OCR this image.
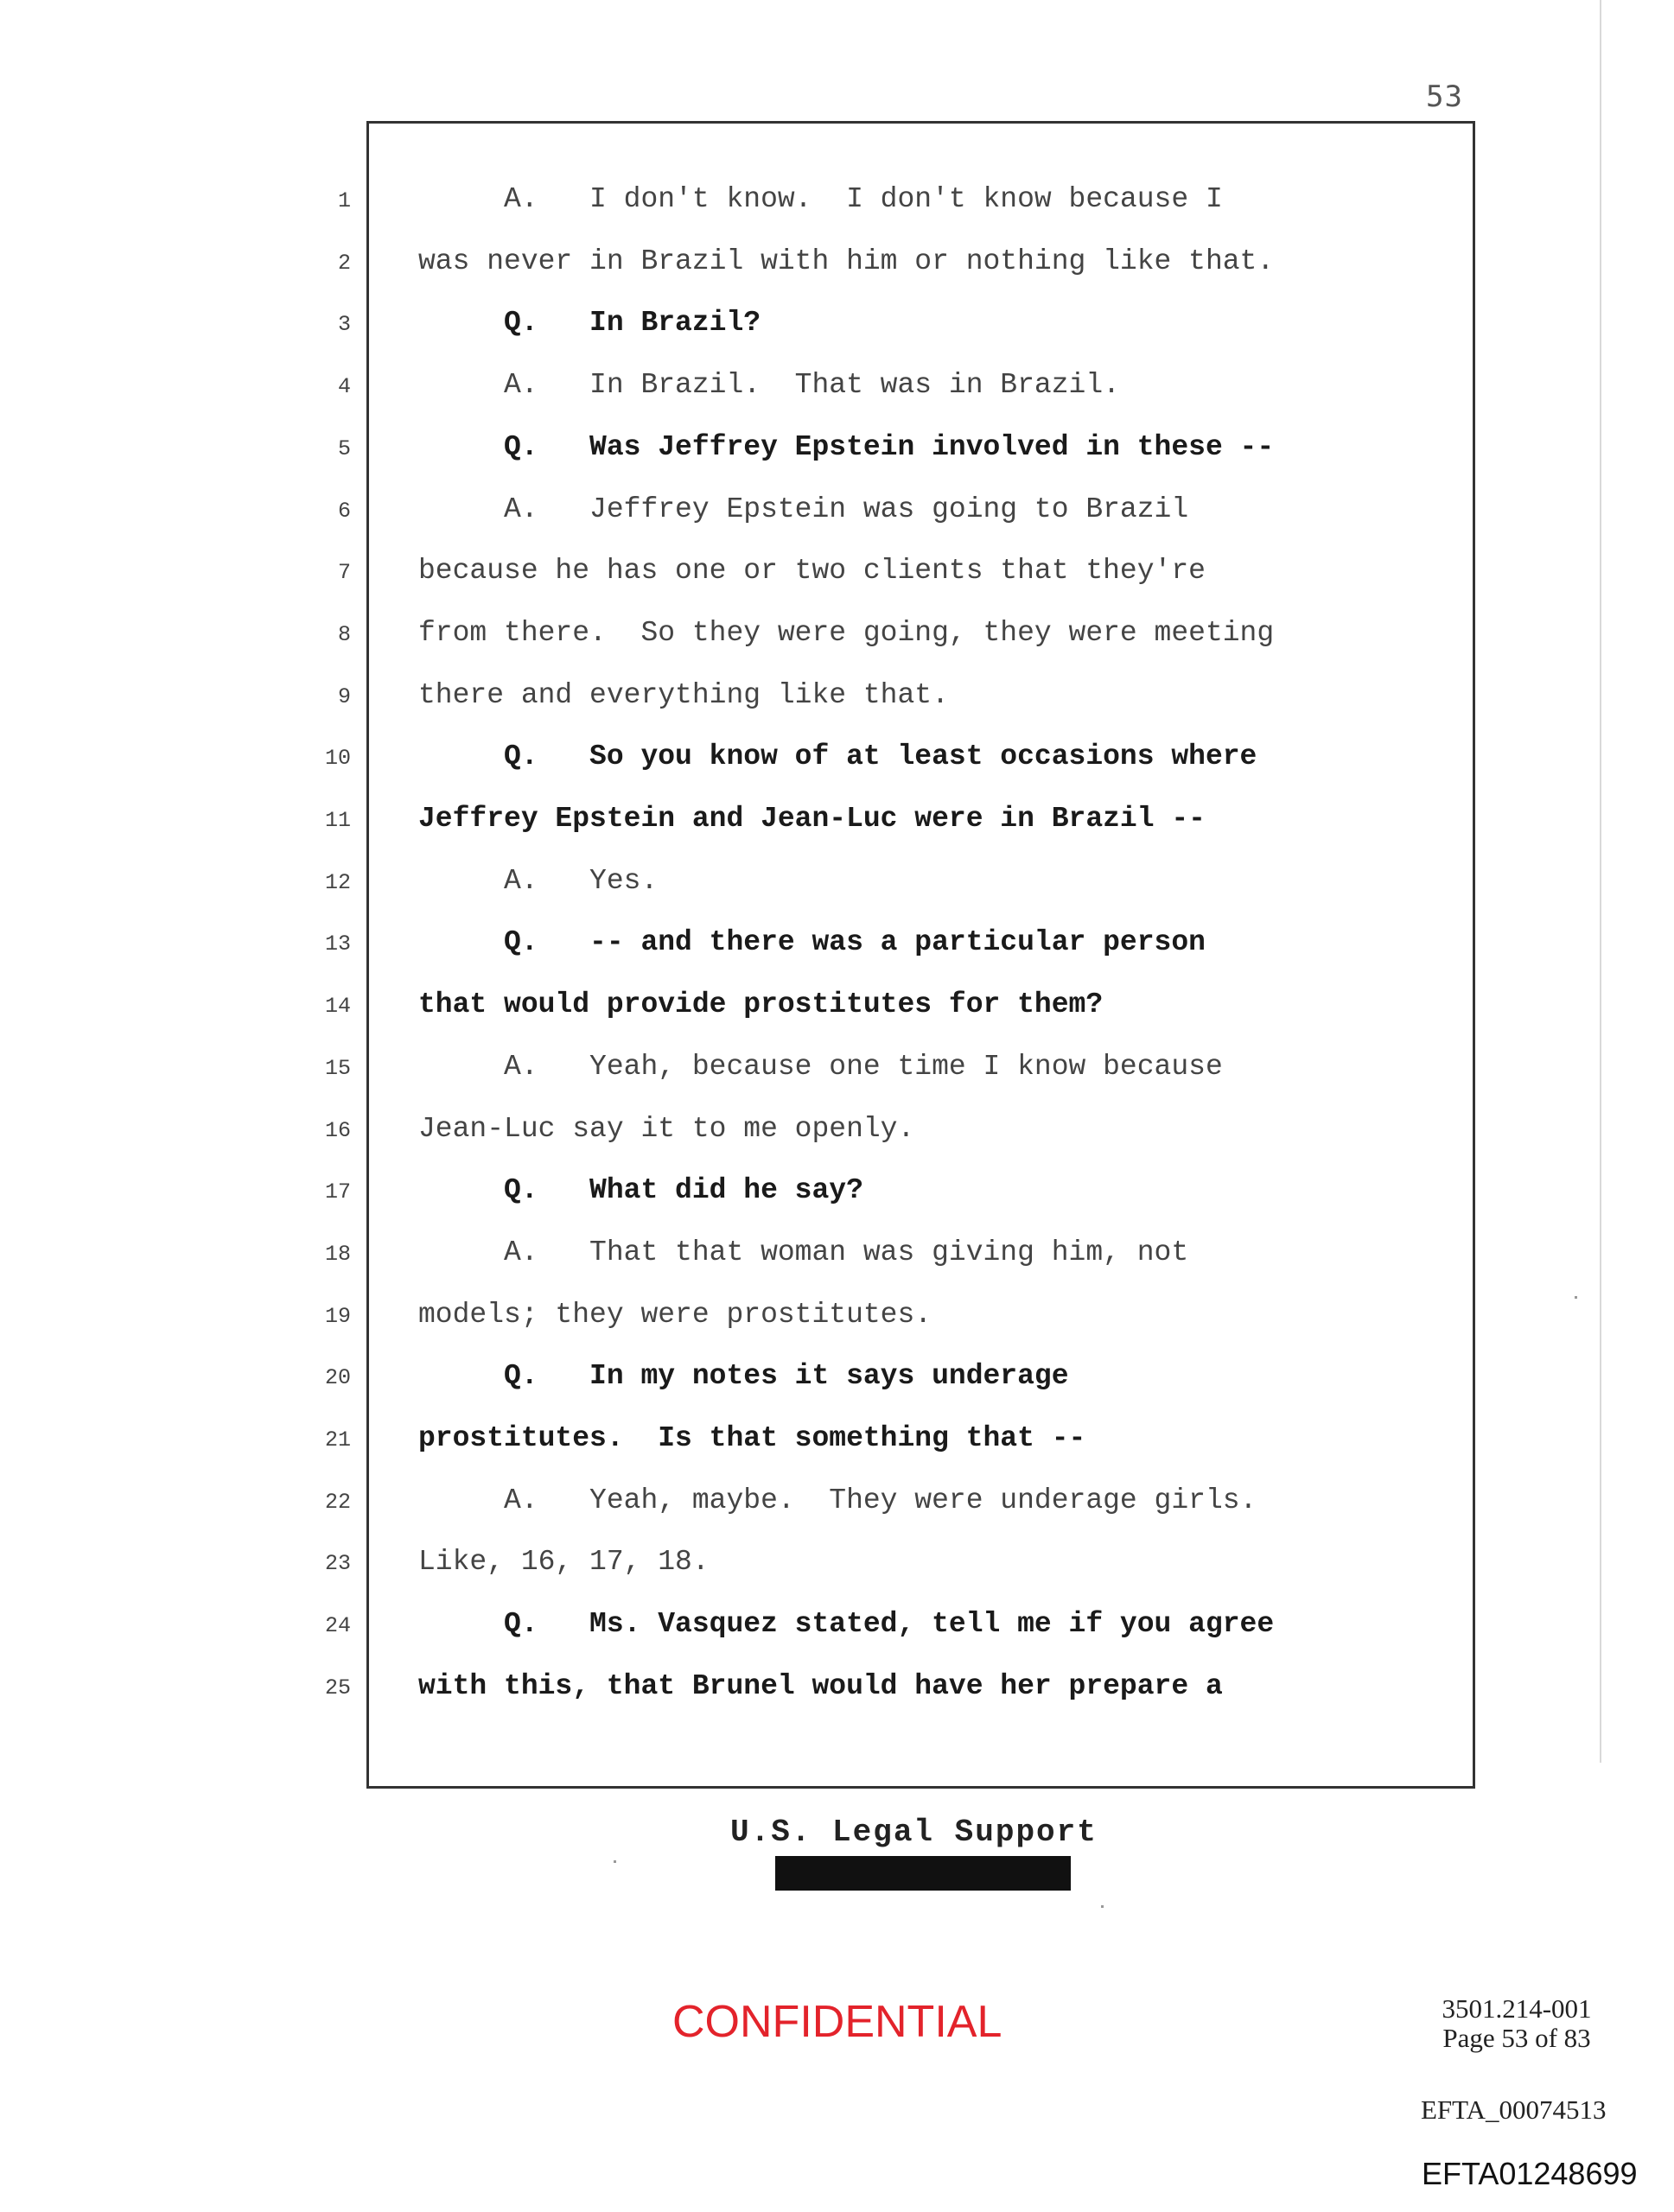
53
1 A.   I don't know.  I don't know because I
2 was never in Brazil with him or nothing like that.
3 Q.   In Brazil?
4 A.   In Brazil.  That was in Brazil.
5 Q.   Was Jeffrey Epstein involved in these --
6 A.   Jeffrey Epstein was going to Brazil
7 because he has one or two clients that they're
8 from there.  So they were going, they were meeting
9 there and everything like that.
10 Q.   So you know of at least occasions where
11 Jeffrey Epstein and Jean-Luc were in Brazil --
12 A.   Yes.
13 Q.   -- and there was a particular person
14 that would provide prostitutes for them?
15 A.   Yeah, because one time I know because
16 Jean-Luc say it to me openly.
17 Q.   What did he say?
18 A.   That that woman was giving him, not
19 models; they were prostitutes.
20 Q.   In my notes it says underage
21 prostitutes.  Is that something that --
22 A.   Yeah, maybe.  They were underage girls.
23 Like, 16, 17, 18.
24 Q.   Ms. Vasquez stated, tell me if you agree
25 with this, that Brunel would have her prepare a
U.S. Legal Support
CONFIDENTIAL	3501.214-001
Page 53 of 83
EFTA_00074513
EFTA01248699
